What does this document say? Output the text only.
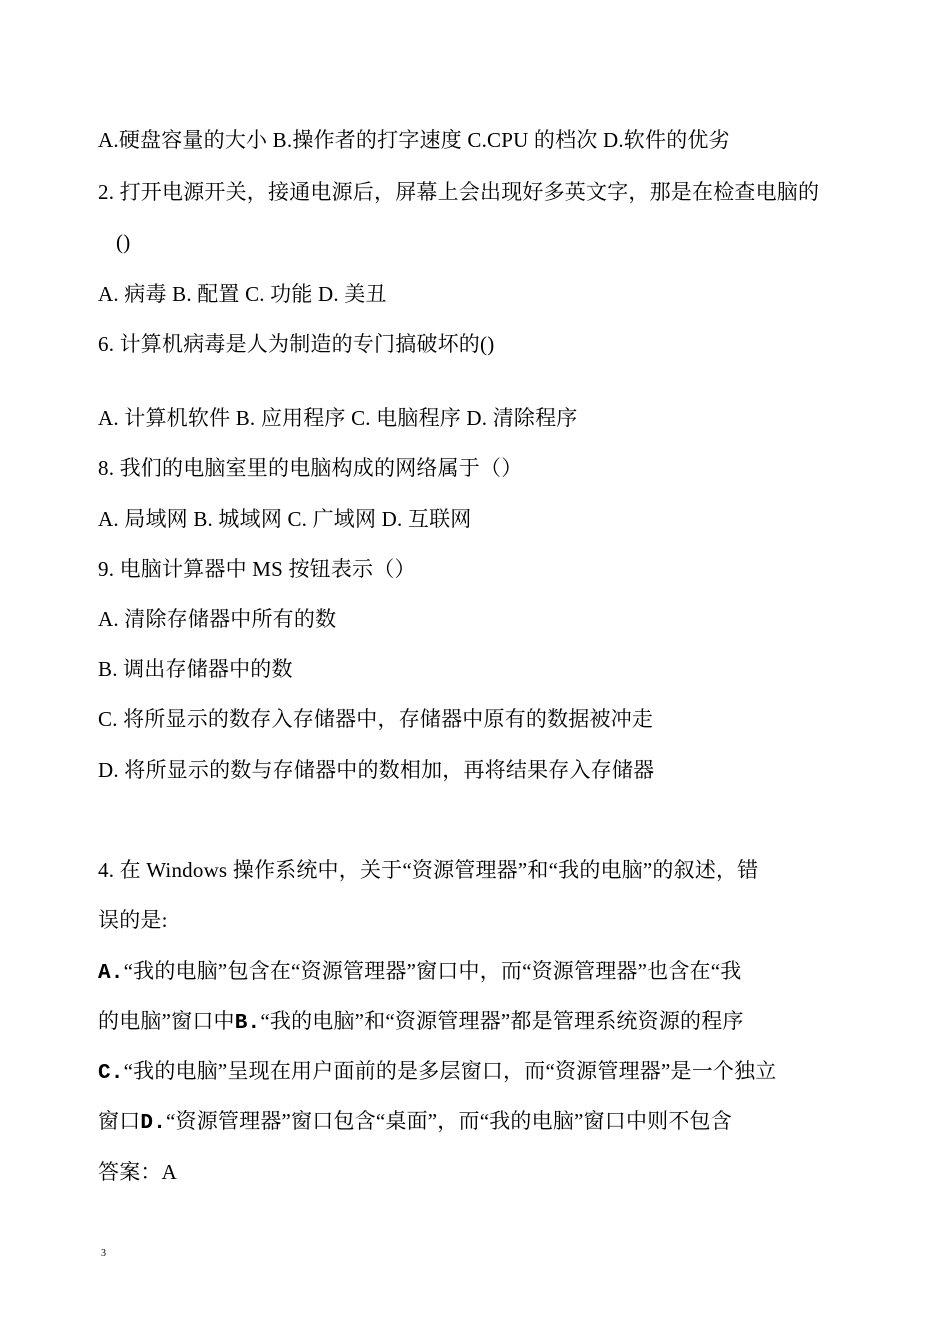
A.硬盘容量的大小 B.操作者的打字速度 C.CPU 的档次 D.软件的优劣
2. 打开电源开关，接通电源后，屏幕上会出现好多英文字，那是在检查电脑的
()
A. 病毒 B. 配置 C. 功能 D. 美丑
6. 计算机病毒是人为制造的专门搞破坏的()
A. 计算机软件 B. 应用程序 C. 电脑程序 D. 清除程序
8. 我们的电脑室里的电脑构成的网络属于（）
A. 局域网 B. 城域网 C. 广域网 D. 互联网
9. 电脑计算器中 MS 按钮表示（）
A. 清除存储器中所有的数
B. 调出存储器中的数
C. 将所显示的数存入存储器中，存储器中原有的数据被冲走
D. 将所显示的数与存储器中的数相加，再将结果存入存储器
4. 在 Windows 操作系统中，关于“资源管理器”和“我的电脑”的叙述，错
误的是:
A.“我的电脑”包含在“资源管理器”窗口中，而“资源管理器”也含在“我
的电脑”窗口中B.“我的电脑”和“资源管理器”都是管理系统资源的程序
C.“我的电脑”呈现在用户面前的是多层窗口，而“资源管理器”是一个独立
窗口D.“资源管理器”窗口包含“桌面”，而“我的电脑”窗口中则不包含
答案：A
3
